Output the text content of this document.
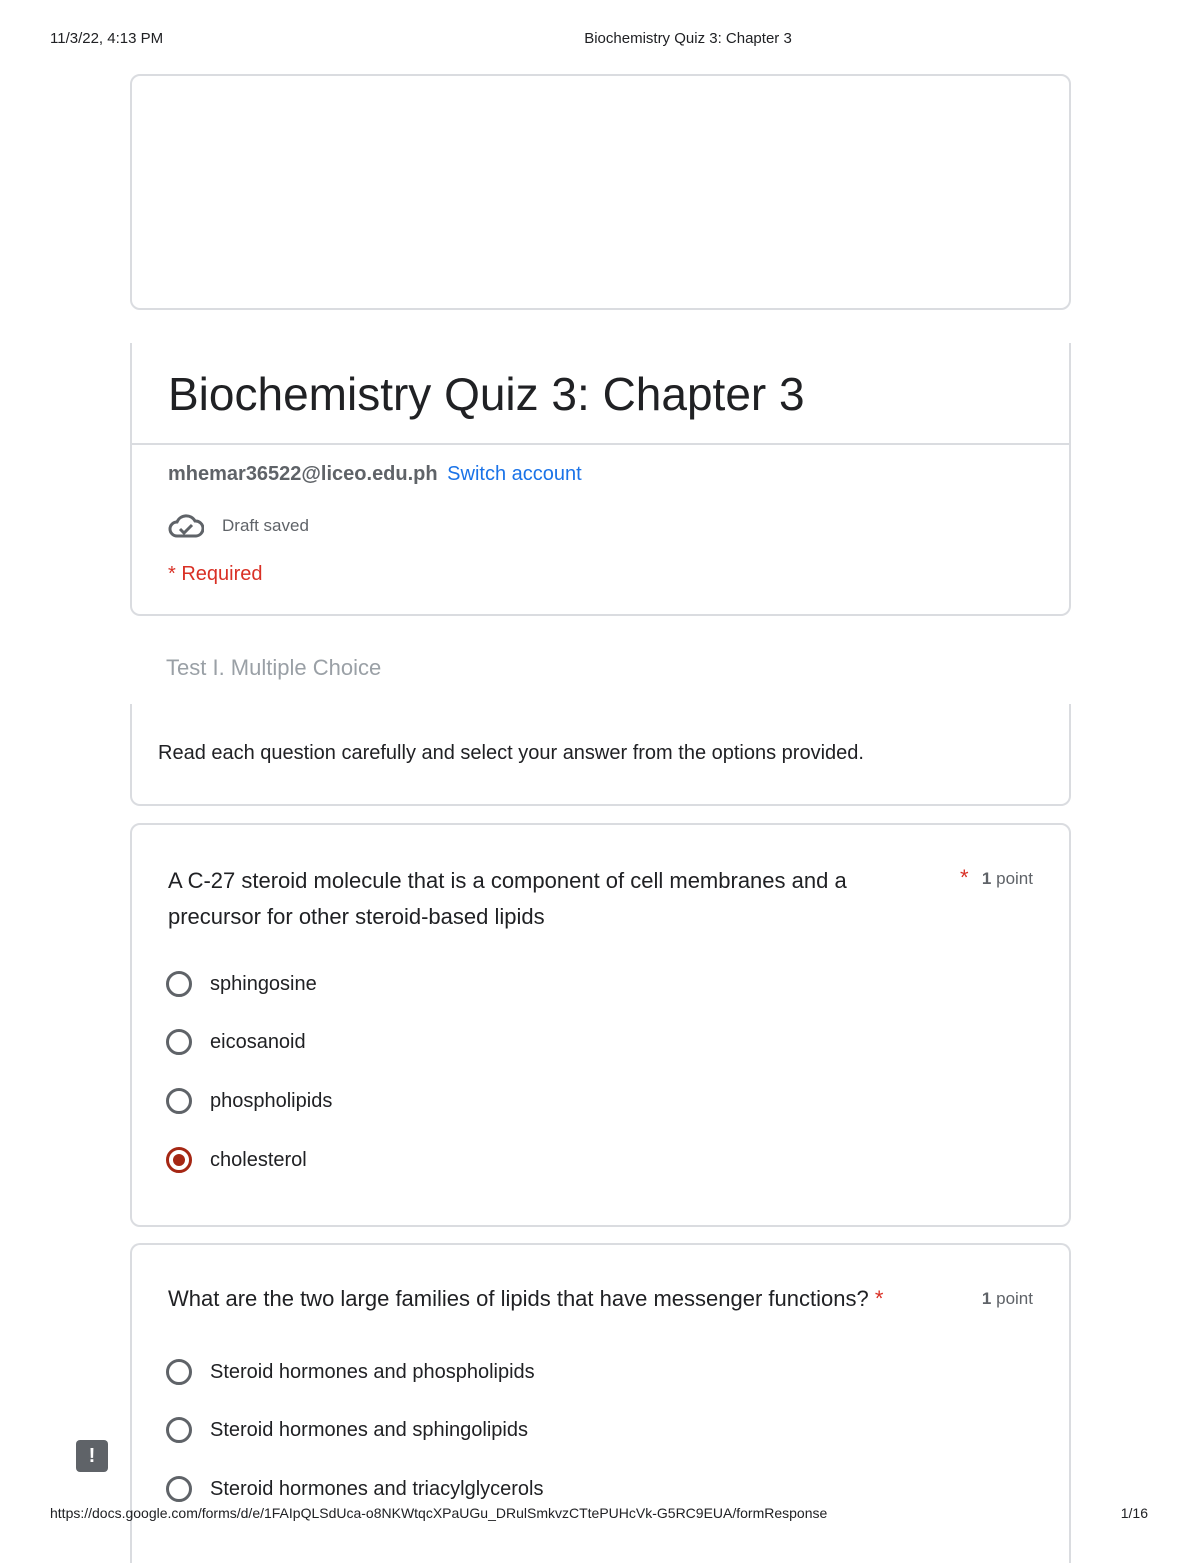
11/3/22, 4:13 PM	Biochemistry Quiz 3: Chapter 3
Biochemistry Quiz 3: Chapter 3
mhemar36522@liceo.edu.ph Switch account
Draft saved
* Required
Test I. Multiple Choice
Read each question carefully and select your answer from the options provided.
A C-27 steroid molecule that is a component of cell membranes and a precursor for other steroid-based lipids
* 1 point
sphingosine
eicosanoid
phospholipids
cholesterol
What are the two large families of lipids that have messenger functions? *	1 point
Steroid hormones and phospholipids
Steroid hormones and sphingolipids
Steroid hormones and triacylglycerols
!
https://docs.google.com/forms/d/e/1FAIpQLSdUca-o8NKWtqcXPaUGu_DRulSmkvzCTtePUHcVk-G5RC9EUA/formResponse	1/16
